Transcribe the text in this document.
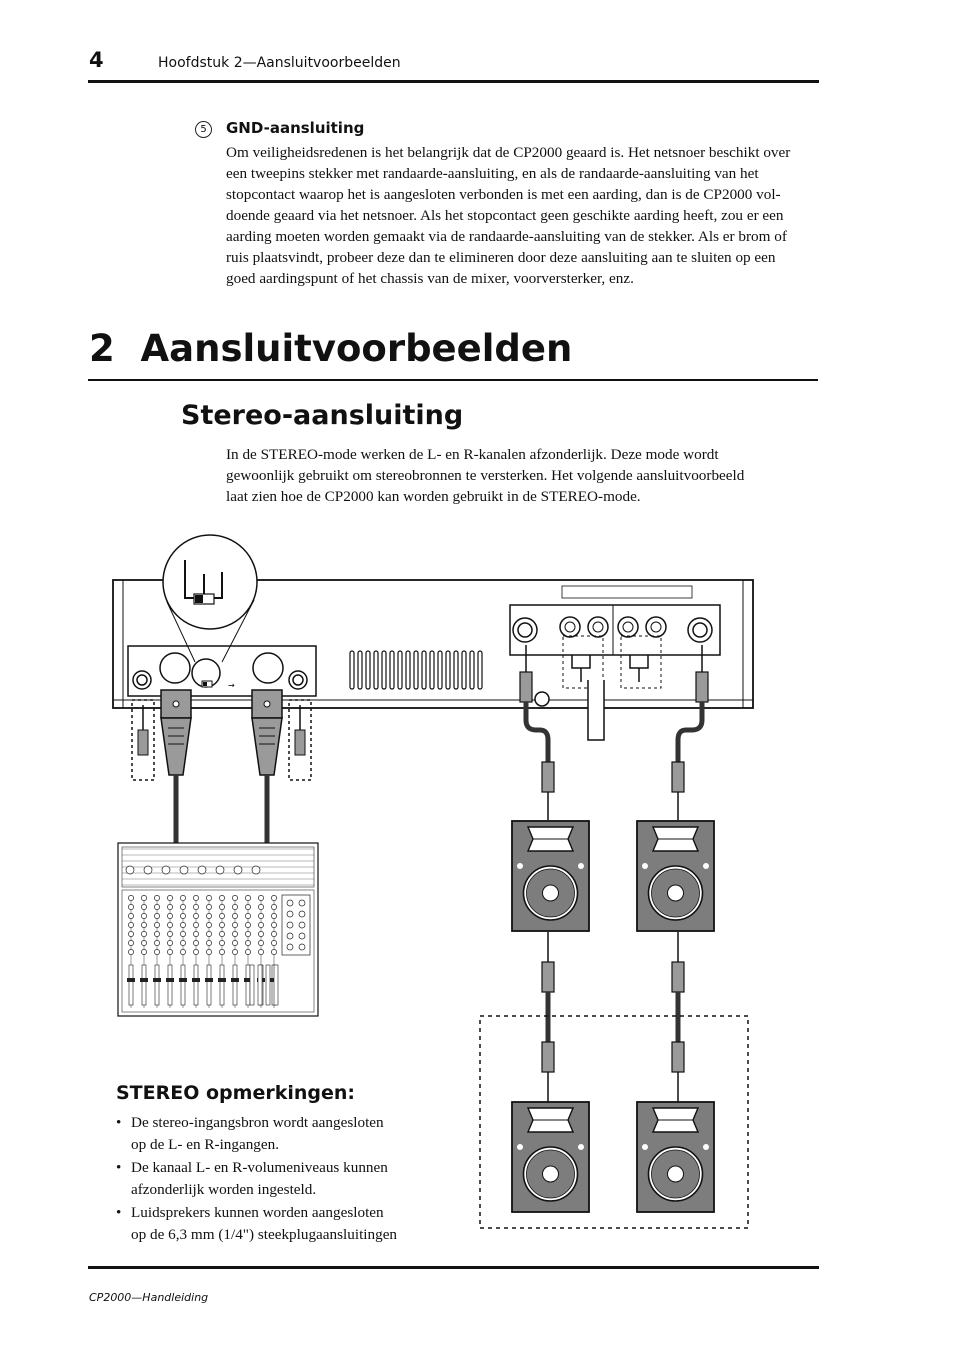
4	Hoofdstuk 2—Aansluitvoorbeelden
5	GND-aansluiting
Om veiligheidsredenen is het belangrijk dat de CP2000 geaard is. Het netsnoer beschikt over
een tweepins stekker met randaarde-aansluiting, en als de randaarde-aansluiting van het
stopcontact waarop het is aangesloten verbonden is met een aarding, dan is de CP2000 vol-
doende geaard via het netsnoer. Als het stopcontact geen geschikte aarding heeft, zou er een
aarding moeten worden gemaakt via de randaarde-aansluiting van de stekker. Als er brom of
ruis plaatsvindt, probeer deze dan te elimineren door deze aansluiting aan te sluiten op een
goed aardingspunt of het chassis van de mixer, voorversterker, enz.
2  Aansluitvoorbeelden
Stereo-aansluiting
In de STEREO-mode werken de L- en R-kanalen afzonderlijk. Deze mode wordt
gewoonlijk gebruikt om stereobronnen te versterken. Het volgende aansluitvoorbeeld
laat zien hoe de CP2000 kan worden gebruikt in de STEREO-mode.
→
STEREO opmerkingen:
• De stereo-ingangsbron wordt aangesloten
op de L- en R-ingangen.
• De kanaal L- en R-volumeniveaus kunnen
afzonderlijk worden ingesteld.
• Luidsprekers kunnen worden aangesloten
op de 6,3 mm (1/4") steekplugaansluitingen
CP2000—Handleiding
